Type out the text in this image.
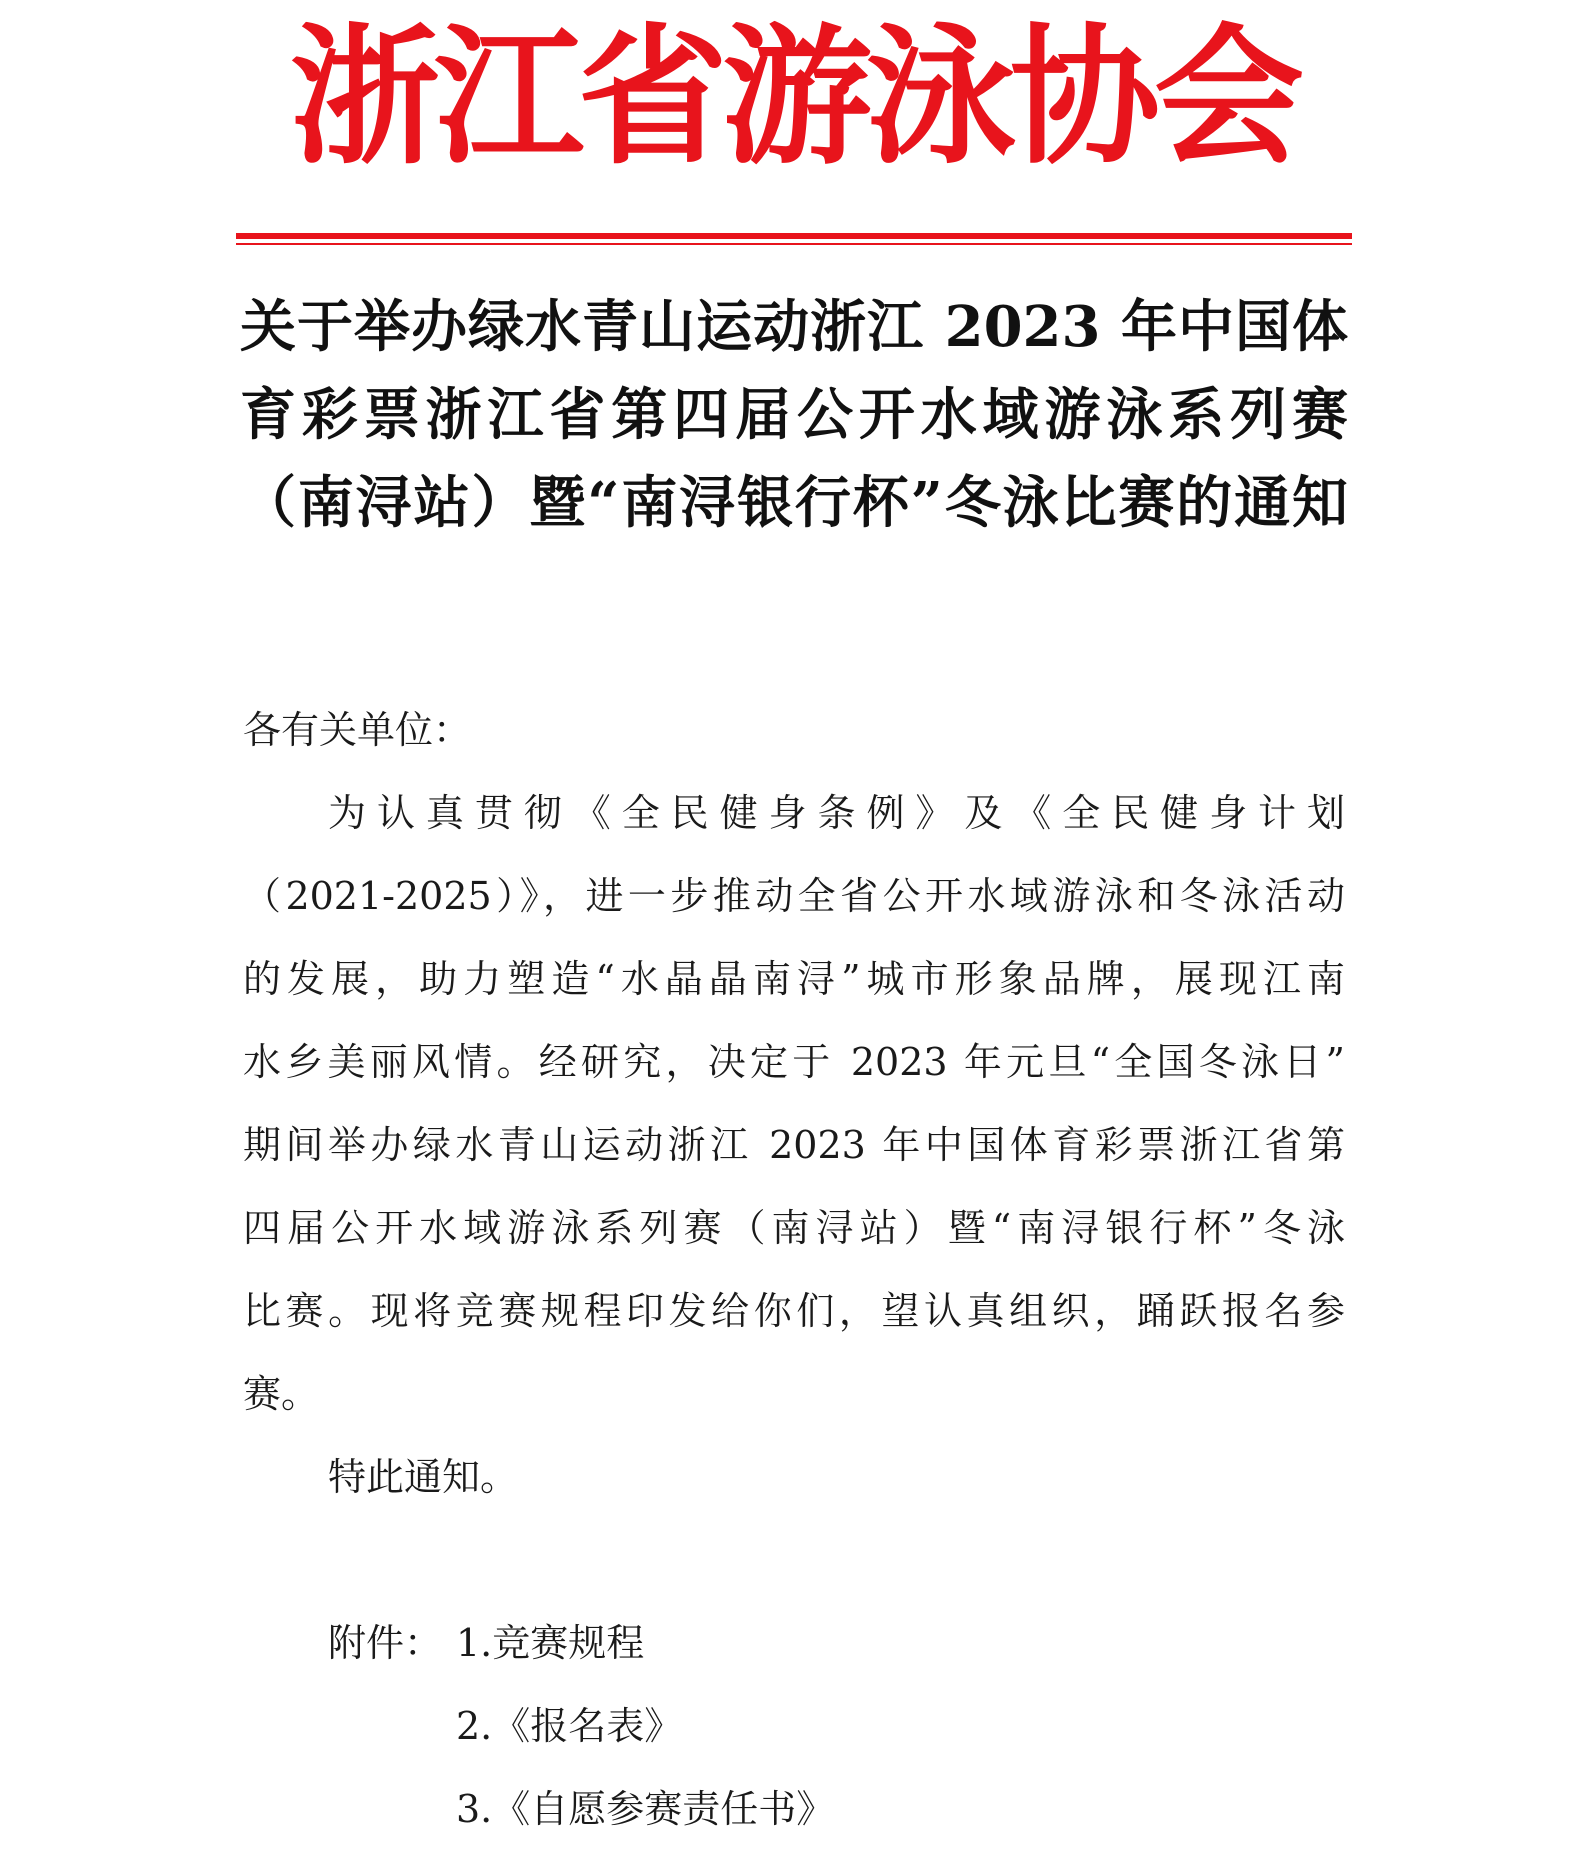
浙江省游泳协会
关于举办绿水青山运动浙江 2023 年中国体
育彩票浙江省第四届公开水域游泳系列赛
（南浔站）暨“南浔银行杯”冬泳比赛的通知
各有关单位：
为认真贯彻《全民健身条例》及《全民健身计划
（2021-2025）》，进一步推动全省公开水域游泳和冬泳活动
的发展，助力塑造“水晶晶南浔”城市形象品牌，展现江南
水乡美丽风情。经研究，决定于 2023 年元旦“全国冬泳日”
期间举办绿水青山运动浙江 2023 年中国体育彩票浙江省第
四届公开水域游泳系列赛（南浔站）暨“南浔银行杯”冬泳
比赛。现将竞赛规程印发给你们，望认真组织，踊跃报名参
赛。
特此通知。
附件： 1.竞赛规程
2.《报名表》
3.《自愿参赛责任书》
